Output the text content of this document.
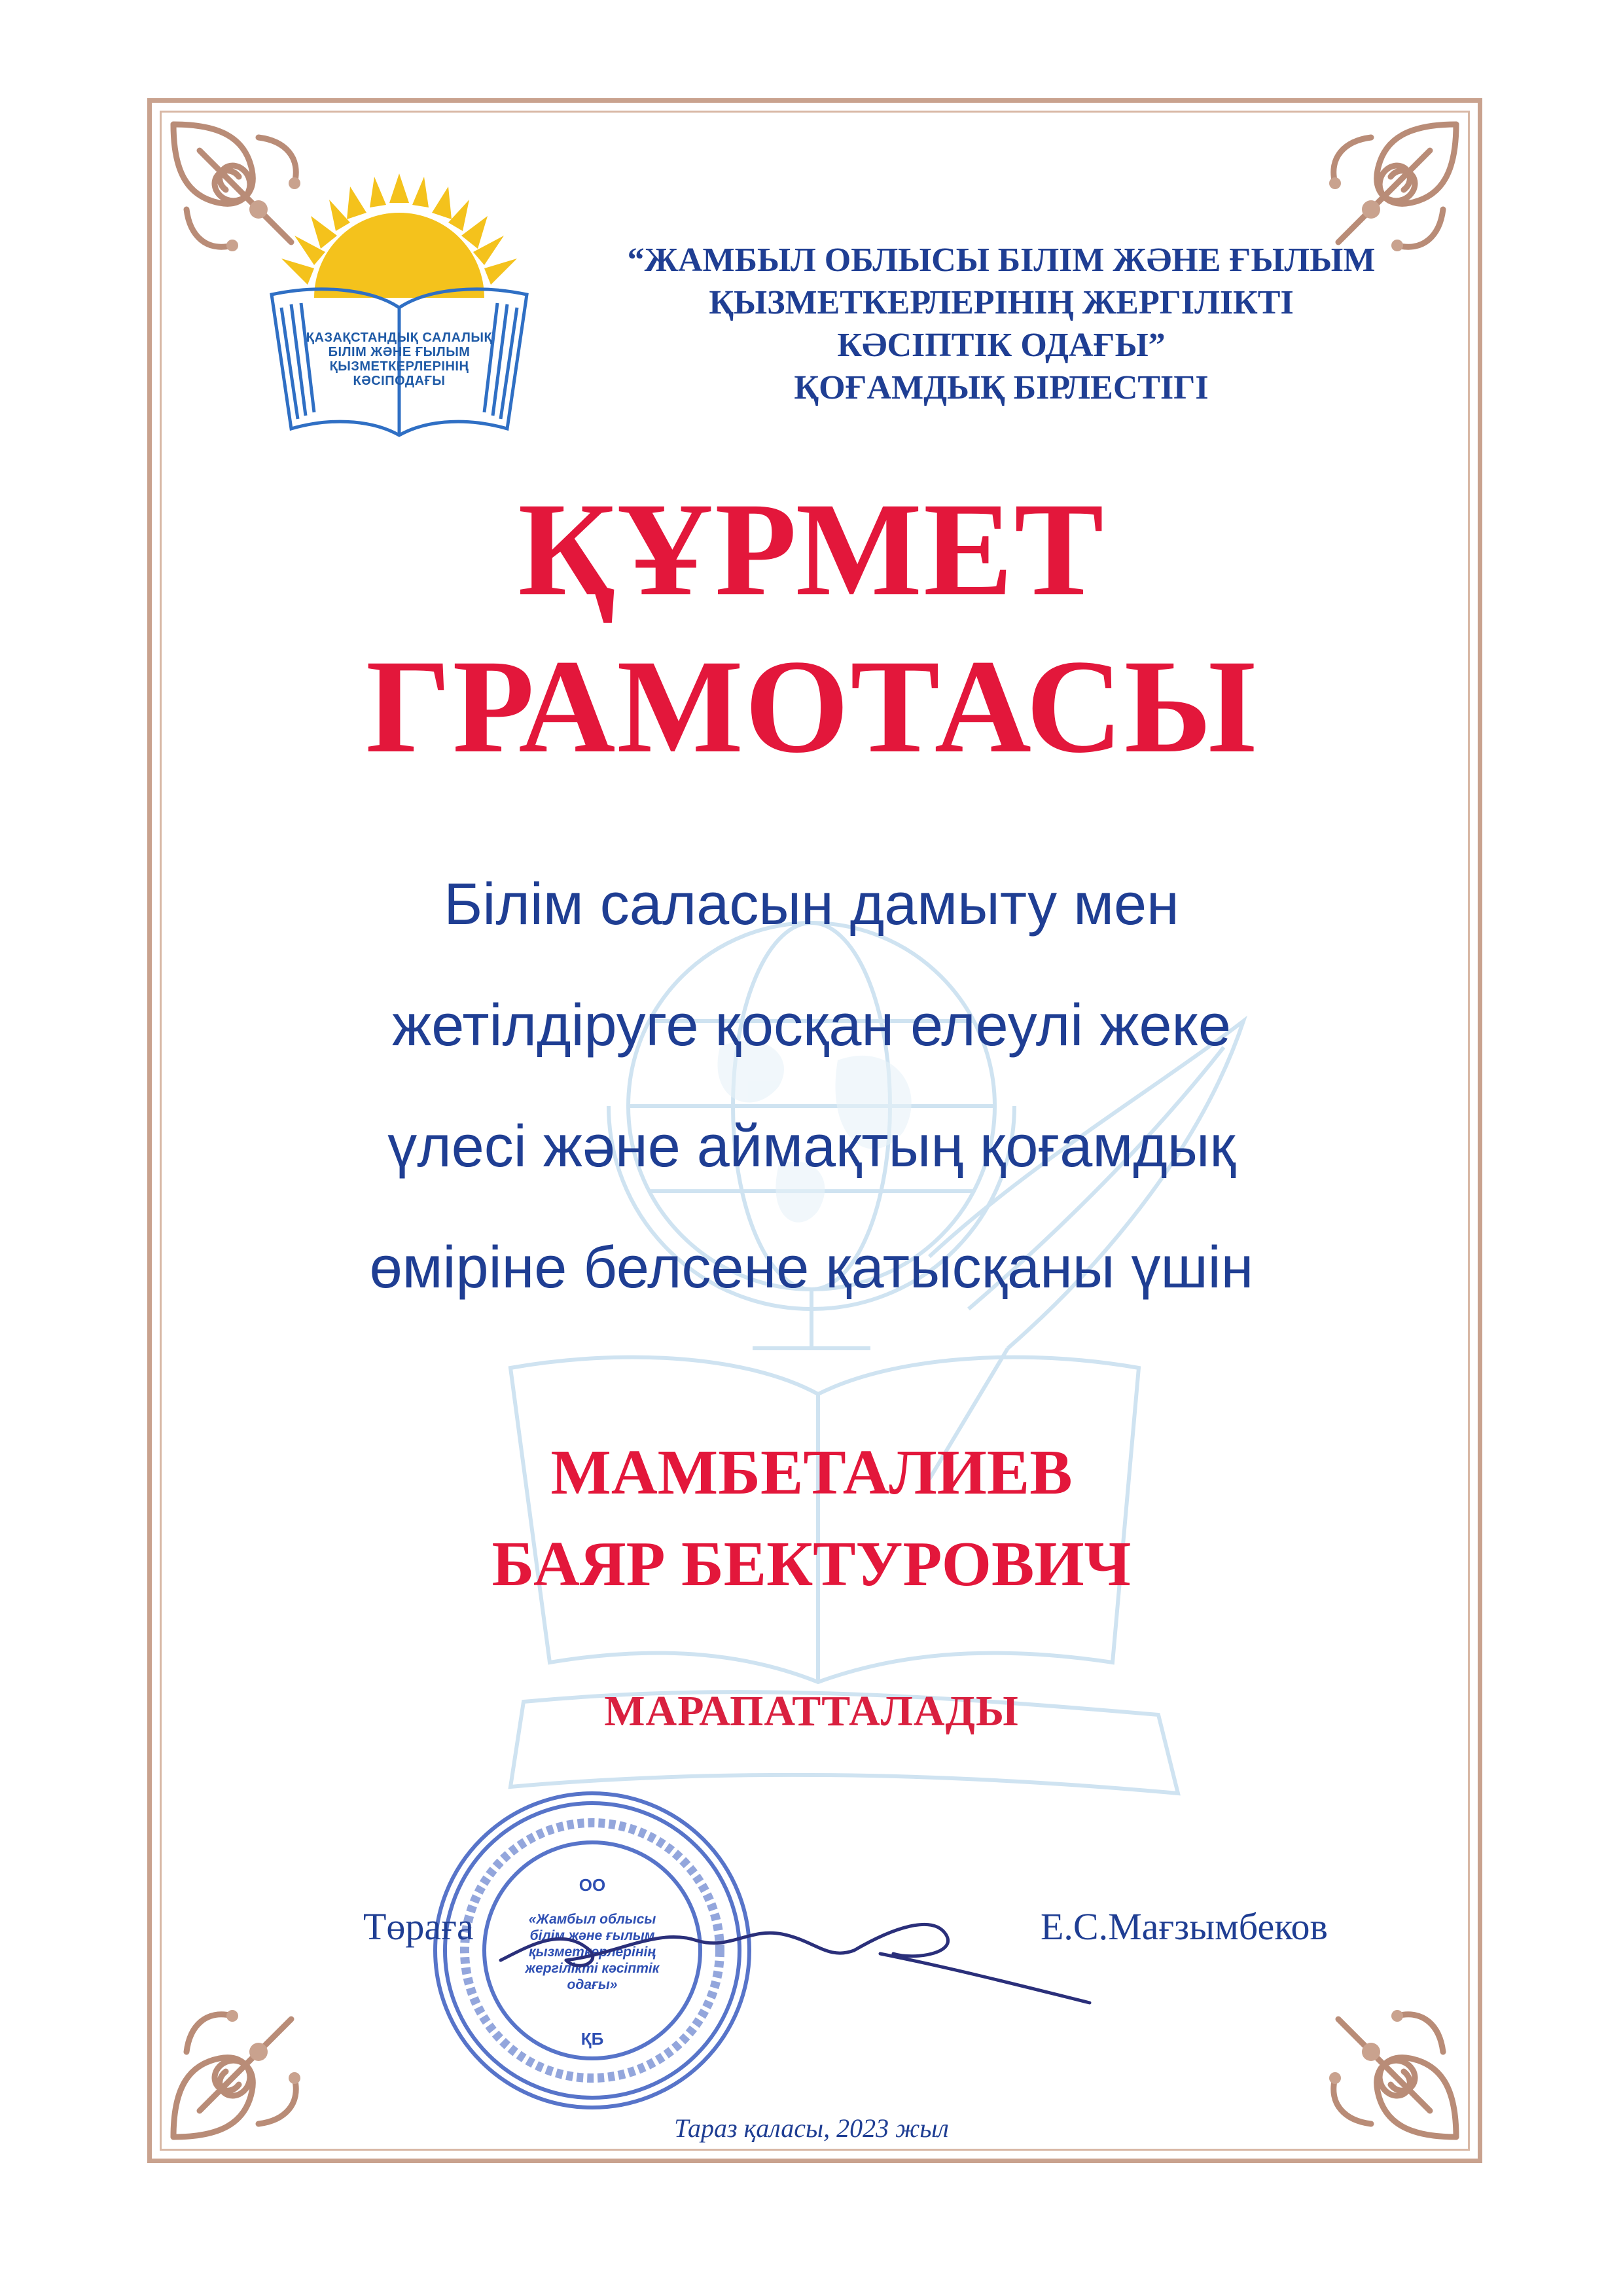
ҚАЗАҚСТАНДЫҚ САЛАЛЫҚ
БІЛІМ ЖӘНЕ ҒЫЛЫМ
ҚЫЗМЕТКЕРЛЕРІНІҢ
КӘСІПОДАҒЫ
“ЖАМБЫЛ ОБЛЫСЫ БІЛІМ ЖӘНЕ ҒЫЛЫМ
ҚЫЗМЕТКЕРЛЕРІНІҢ ЖЕРГІЛІКТІ
КӘСІПТІК ОДАҒЫ”
ҚОҒАМДЫҚ БІРЛЕСТІГІ
ҚҰРМЕТ
ГРАМОТАСЫ
Білім саласын дамыту мен
жетілдіруге қосқан елеулі жеке
үлесі және аймақтың қоғамдық
өміріне белсене қатысқаны үшін
МАМБЕТАЛИЕВ
БАЯР БЕКТУРОВИЧ
МАРАПАТТАЛАДЫ
ОО
«Жамбыл облысы
білім және ғылым
қызметкерлерінің
жергілікті кәсіптік
одағы»
ҚБ
Төраға	Е.С.Мағзымбеков
Тараз қаласы, 2023 жыл
